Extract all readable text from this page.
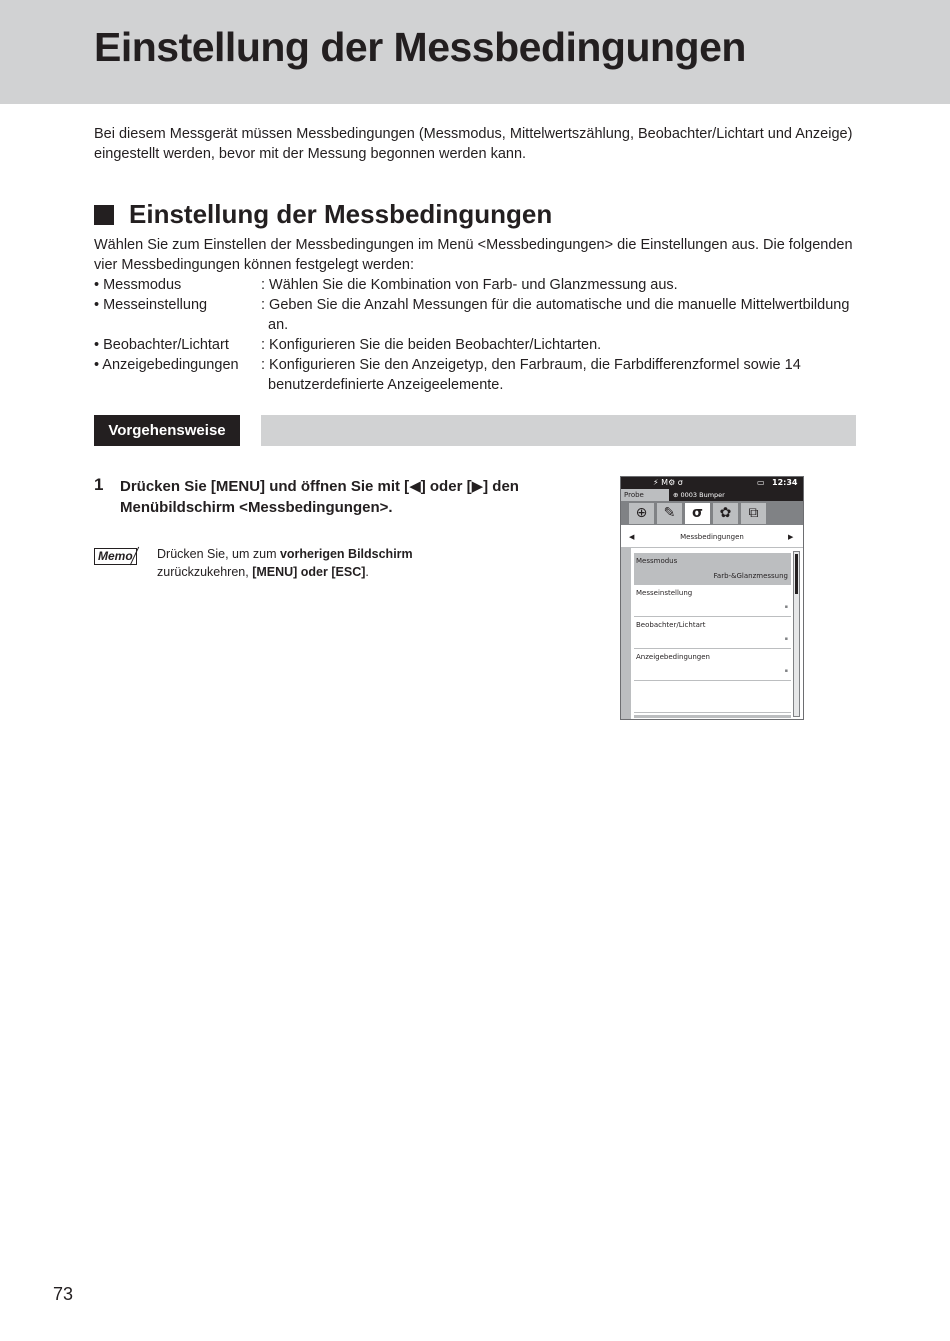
Einstellung der Messbedingungen

Bei diesem Messgerät müssen Messbedingungen (Messmodus, Mittelwertszählung, Beobachter/Lichtart und Anzeige) eingestellt werden, bevor mit der Messung begonnen werden kann.

Einstellung der Messbedingungen

Wählen Sie zum Einstellen der Messbedingungen im Menü <Messbedingungen> die Einstellungen aus. Die folgenden vier Messbedingungen können festgelegt werden:

• Messmodus	: Wählen Sie die Kombination von Farb- und Glanzmessung aus.
• Messeinstellung	: Geben Sie die Anzahl Messungen für die automatische und die manuelle Mittelwertbildung an.
• Beobachter/Lichtart	: Konfigurieren Sie die beiden Beobachter/Lichtarten.
• Anzeigebedingungen	: Konfigurieren Sie den Anzeigetyp, den Farbraum, die Farbdifferenzformel sowie 14 benutzerdefinierte Anzeigeelemente.
Vorgehensweise
1 Drücken Sie [MENU] und öffnen Sie mit [◀] oder [▶] den Menübildschirm <Messbedingungen>.
Memo	Drücken Sie, um zum vorherigen Bildschirm zurückzukehren, [MENU] oder [ESC].
⚡ M⚙ σ	▭ 12:34
Probe	⊕ 0003 Bumper
⊕	✎	σ	✿	⧉
◀	Messbedingungen	▶
Messmodus
Farb-&Glanzmessung
Messeinstellung
▪
Beobachter/Lichtart
▪
Anzeigebedingungen
▪
73
